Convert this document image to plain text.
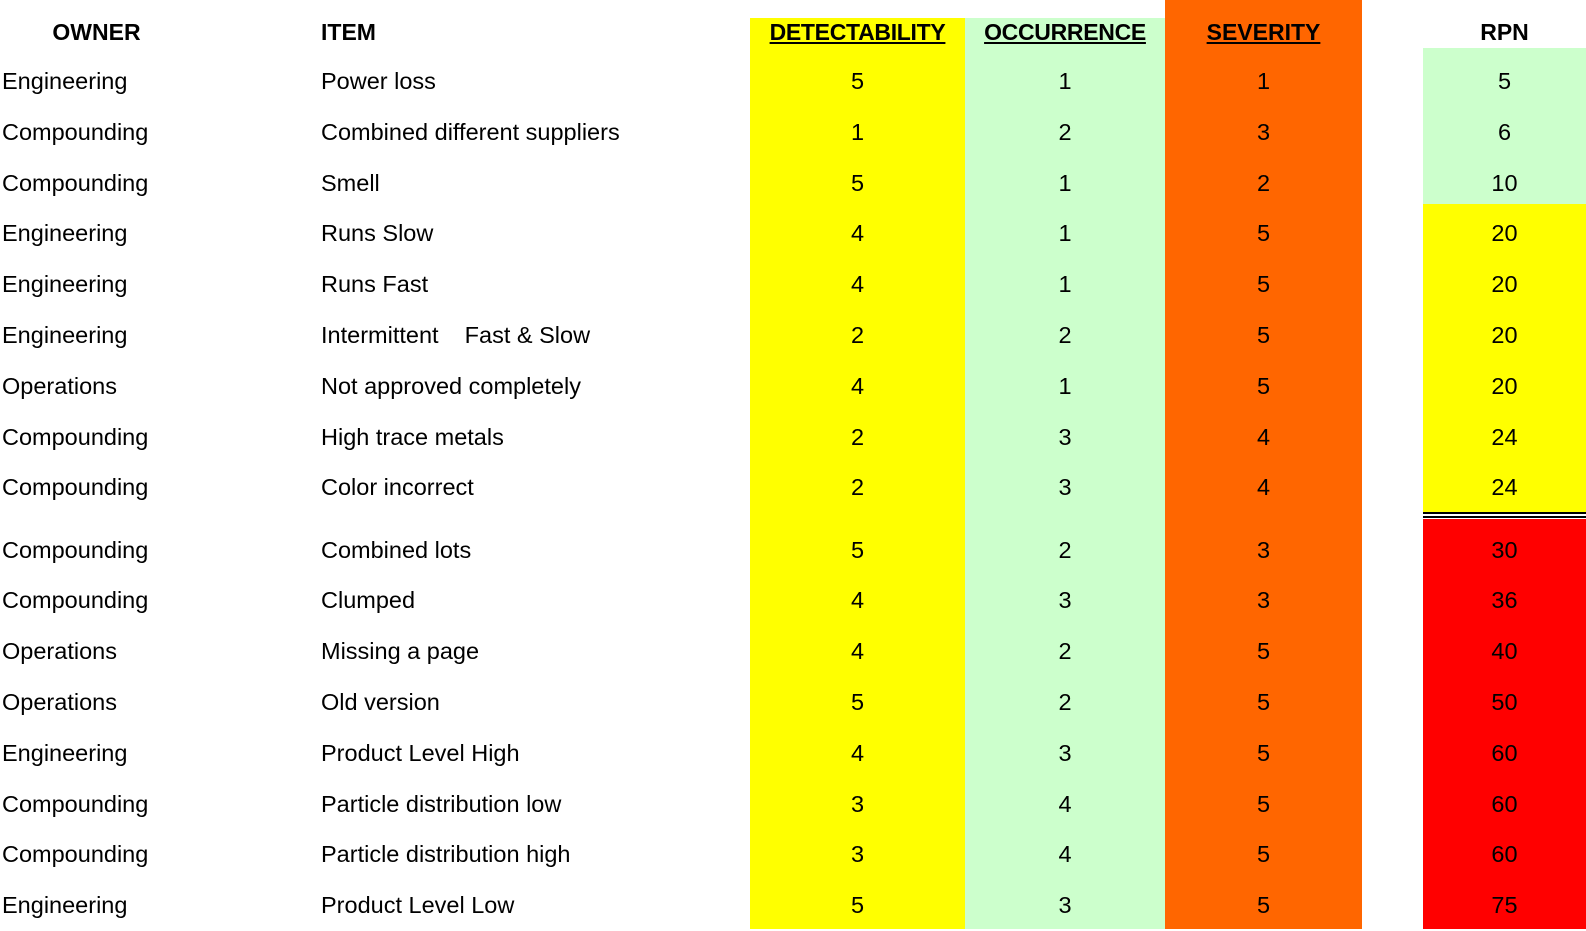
OWNER	ITEM	DETECTABILITY	OCCURRENCE	SEVERITY	RPN
Engineering	Power loss	5	1	1	5
Compounding	Combined different suppliers	1	2	3	6
Compounding	Smell	5	1	2	10
Engineering	Runs Slow	4	1	5	20
Engineering	Runs Fast	4	1	5	20
Engineering	Intermittent    Fast & Slow	2	2	5	20
Operations	Not approved completely	4	1	5	20
Compounding	High trace metals	2	3	4	24
Compounding	Color incorrect	2	3	4	24
Compounding	Combined lots	5	2	3	30
Compounding	Clumped	4	3	3	36
Operations	Missing a page	4	2	5	40
Operations	Old version	5	2	5	50
Engineering	Product Level High	4	3	5	60
Compounding	Particle distribution low	3	4	5	60
Compounding	Particle distribution high	3	4	5	60
Engineering	Product Level Low	5	3	5	75
